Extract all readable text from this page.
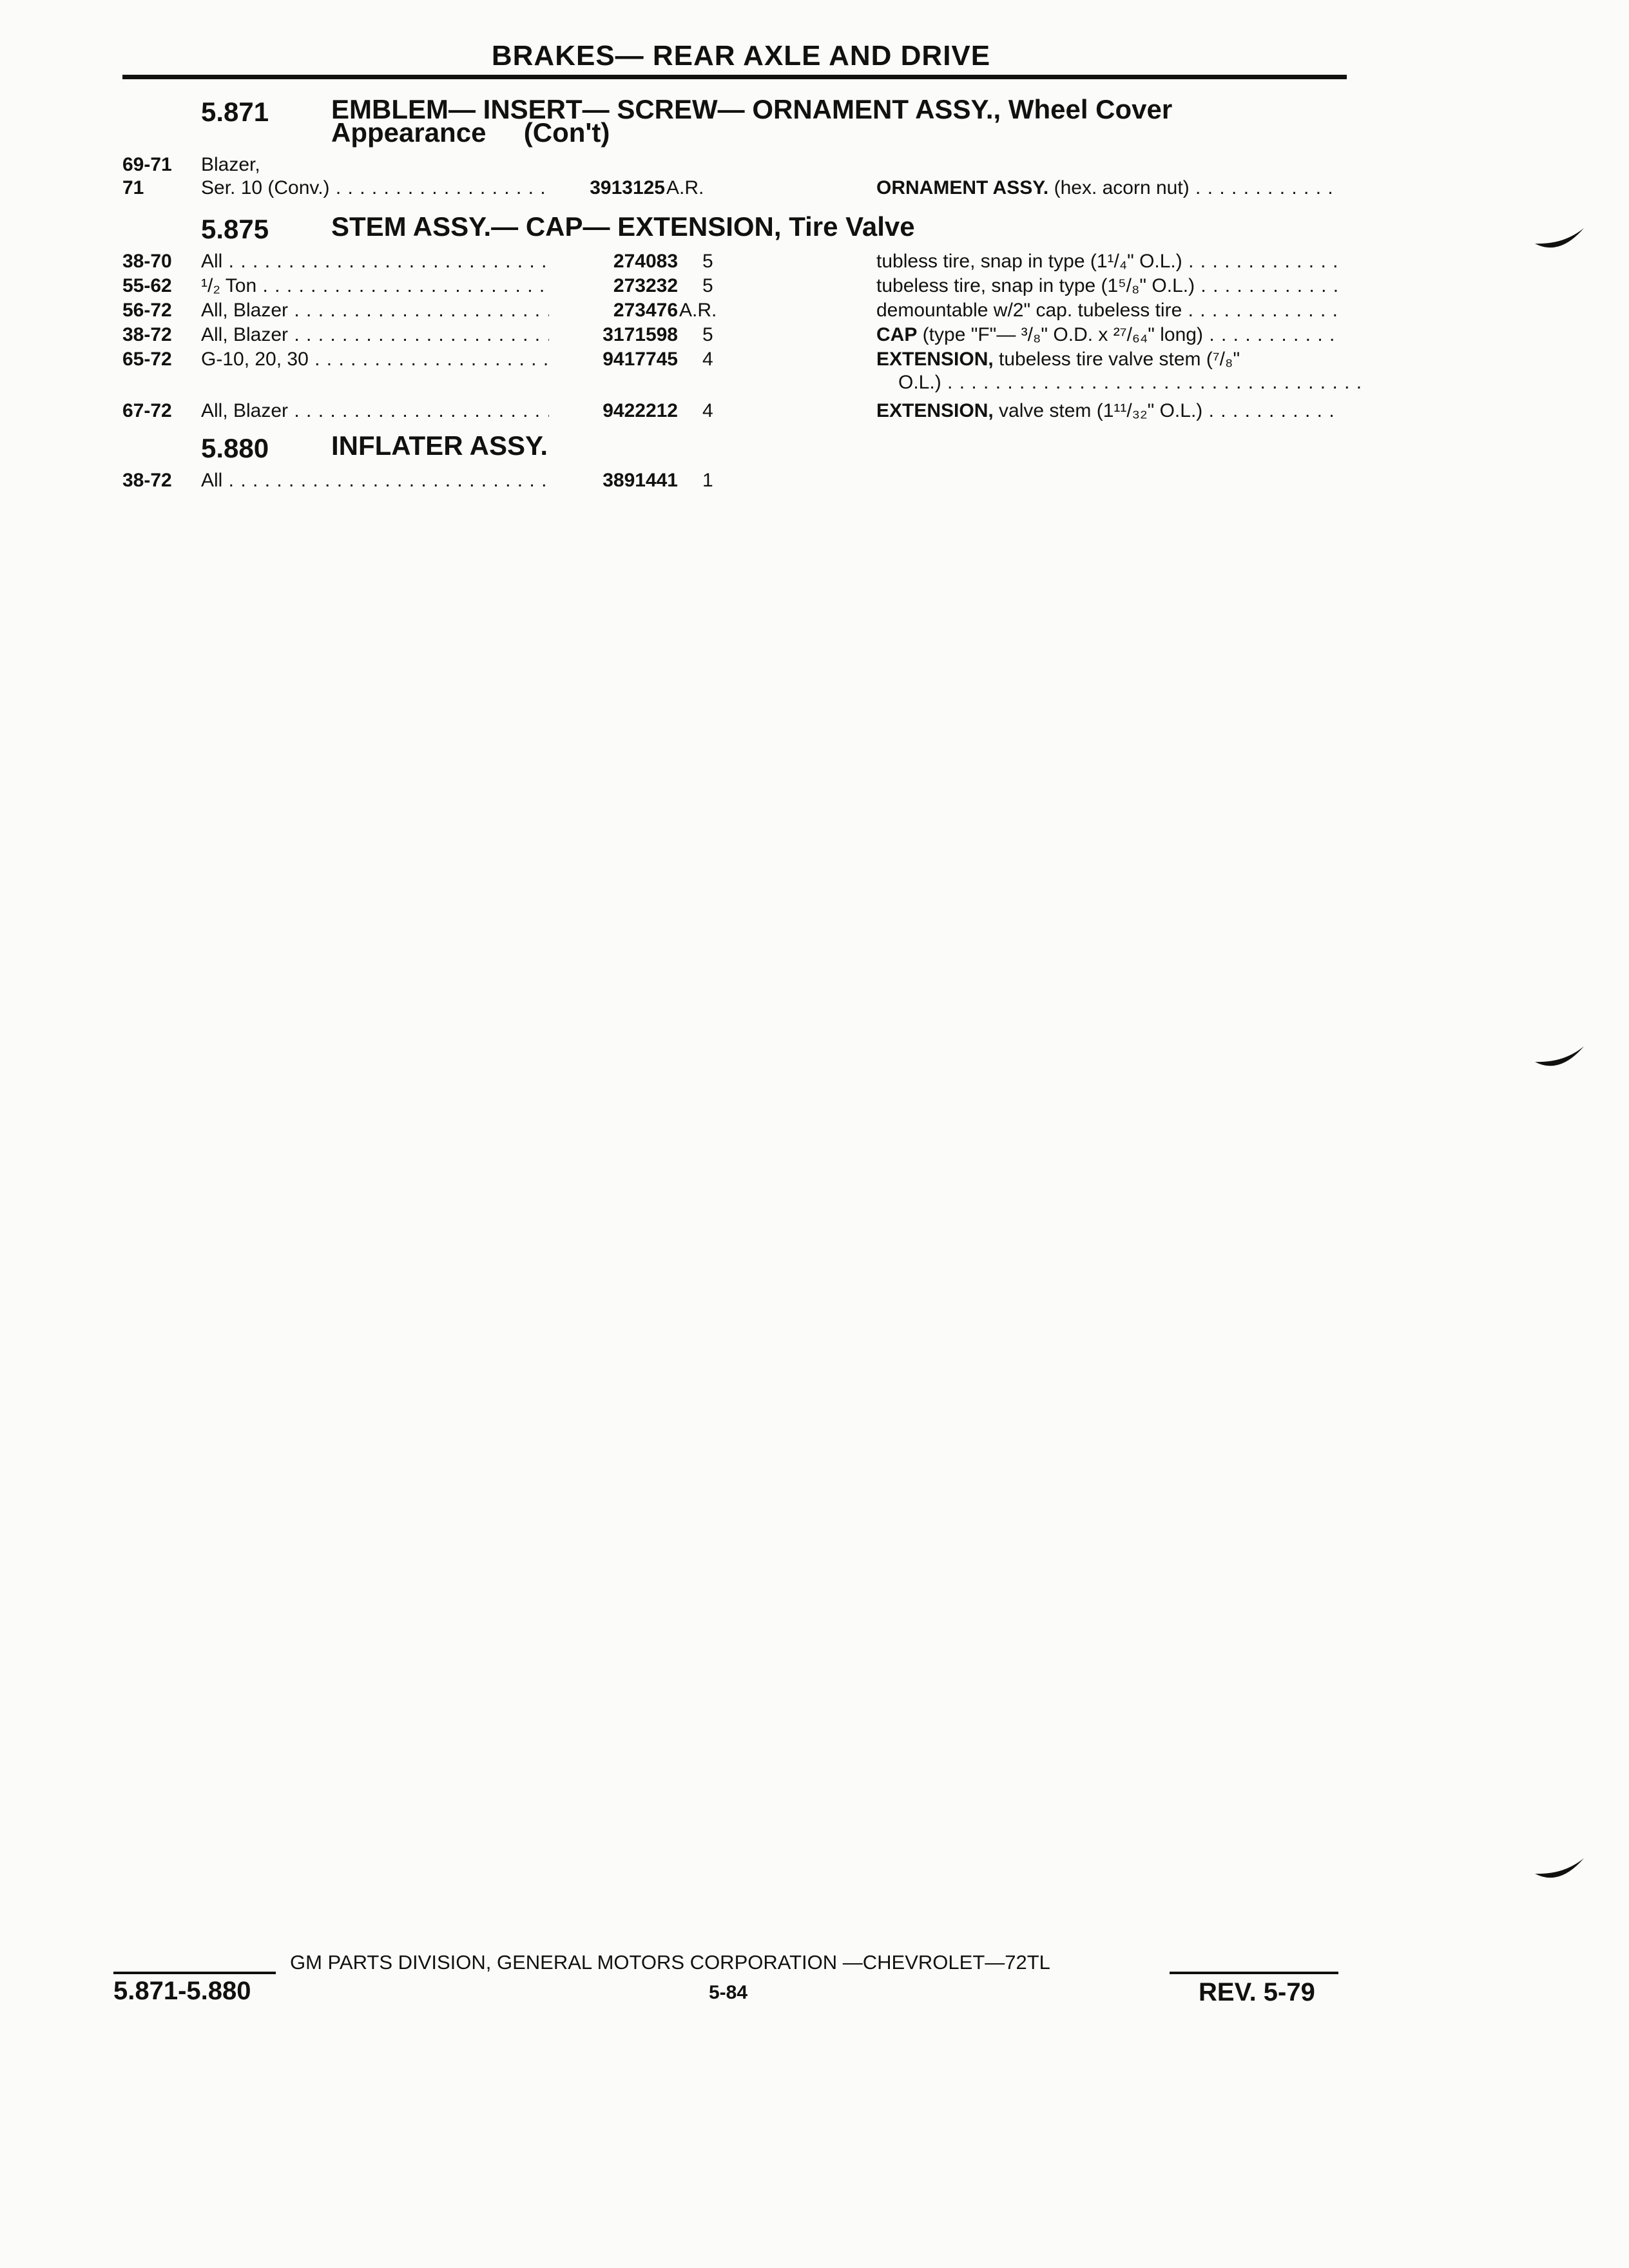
BRAKES— REAR AXLE AND DRIVE
5.871 EMBLEM— INSERT— SCREW— ORNAMENT ASSY., Wheel Cover
Appearance     (Con't)
69-71 Blazer,
71	Ser. 10 (Conv.) . . .	3913125 A.R.	ORNAMENT ASSY. (hex. acorn nut) . . .
5.875 STEM ASSY.— CAP— EXTENSION, Tire Valve
38-70 All . . .	274083 5	tubless tire, snap in type (1¹/₄" O.L.) . . .
55-62 ¹/₂ Ton . . .	273232 5	tubeless tire, snap in type (1⁵/₈" O.L.) . . .
56-72 All, Blazer . . .	273476 A.R.	demountable w/2" cap. tubeless tire . . .
38-72 All, Blazer . . .	3171598 5	CAP (type "F"— ³/₈" O.D. x ²⁷/₆₄" long) . . .
65-72 G-10, 20, 30 . . .	9417745 4	EXTENSION, tubeless tire valve stem (⁷/₈"
O.L.) . . .
67-72 All, Blazer . . .	9422212 4	EXTENSION, valve stem (1¹¹/₃₂" O.L.) . . .
5.880 INFLATER ASSY.
38-72 All . . .	3891441 1
GM PARTS DIVISION, GENERAL MOTORS CORPORATION —CHEVROLET—72TL
5.871-5.880	5-84	REV. 5-79
